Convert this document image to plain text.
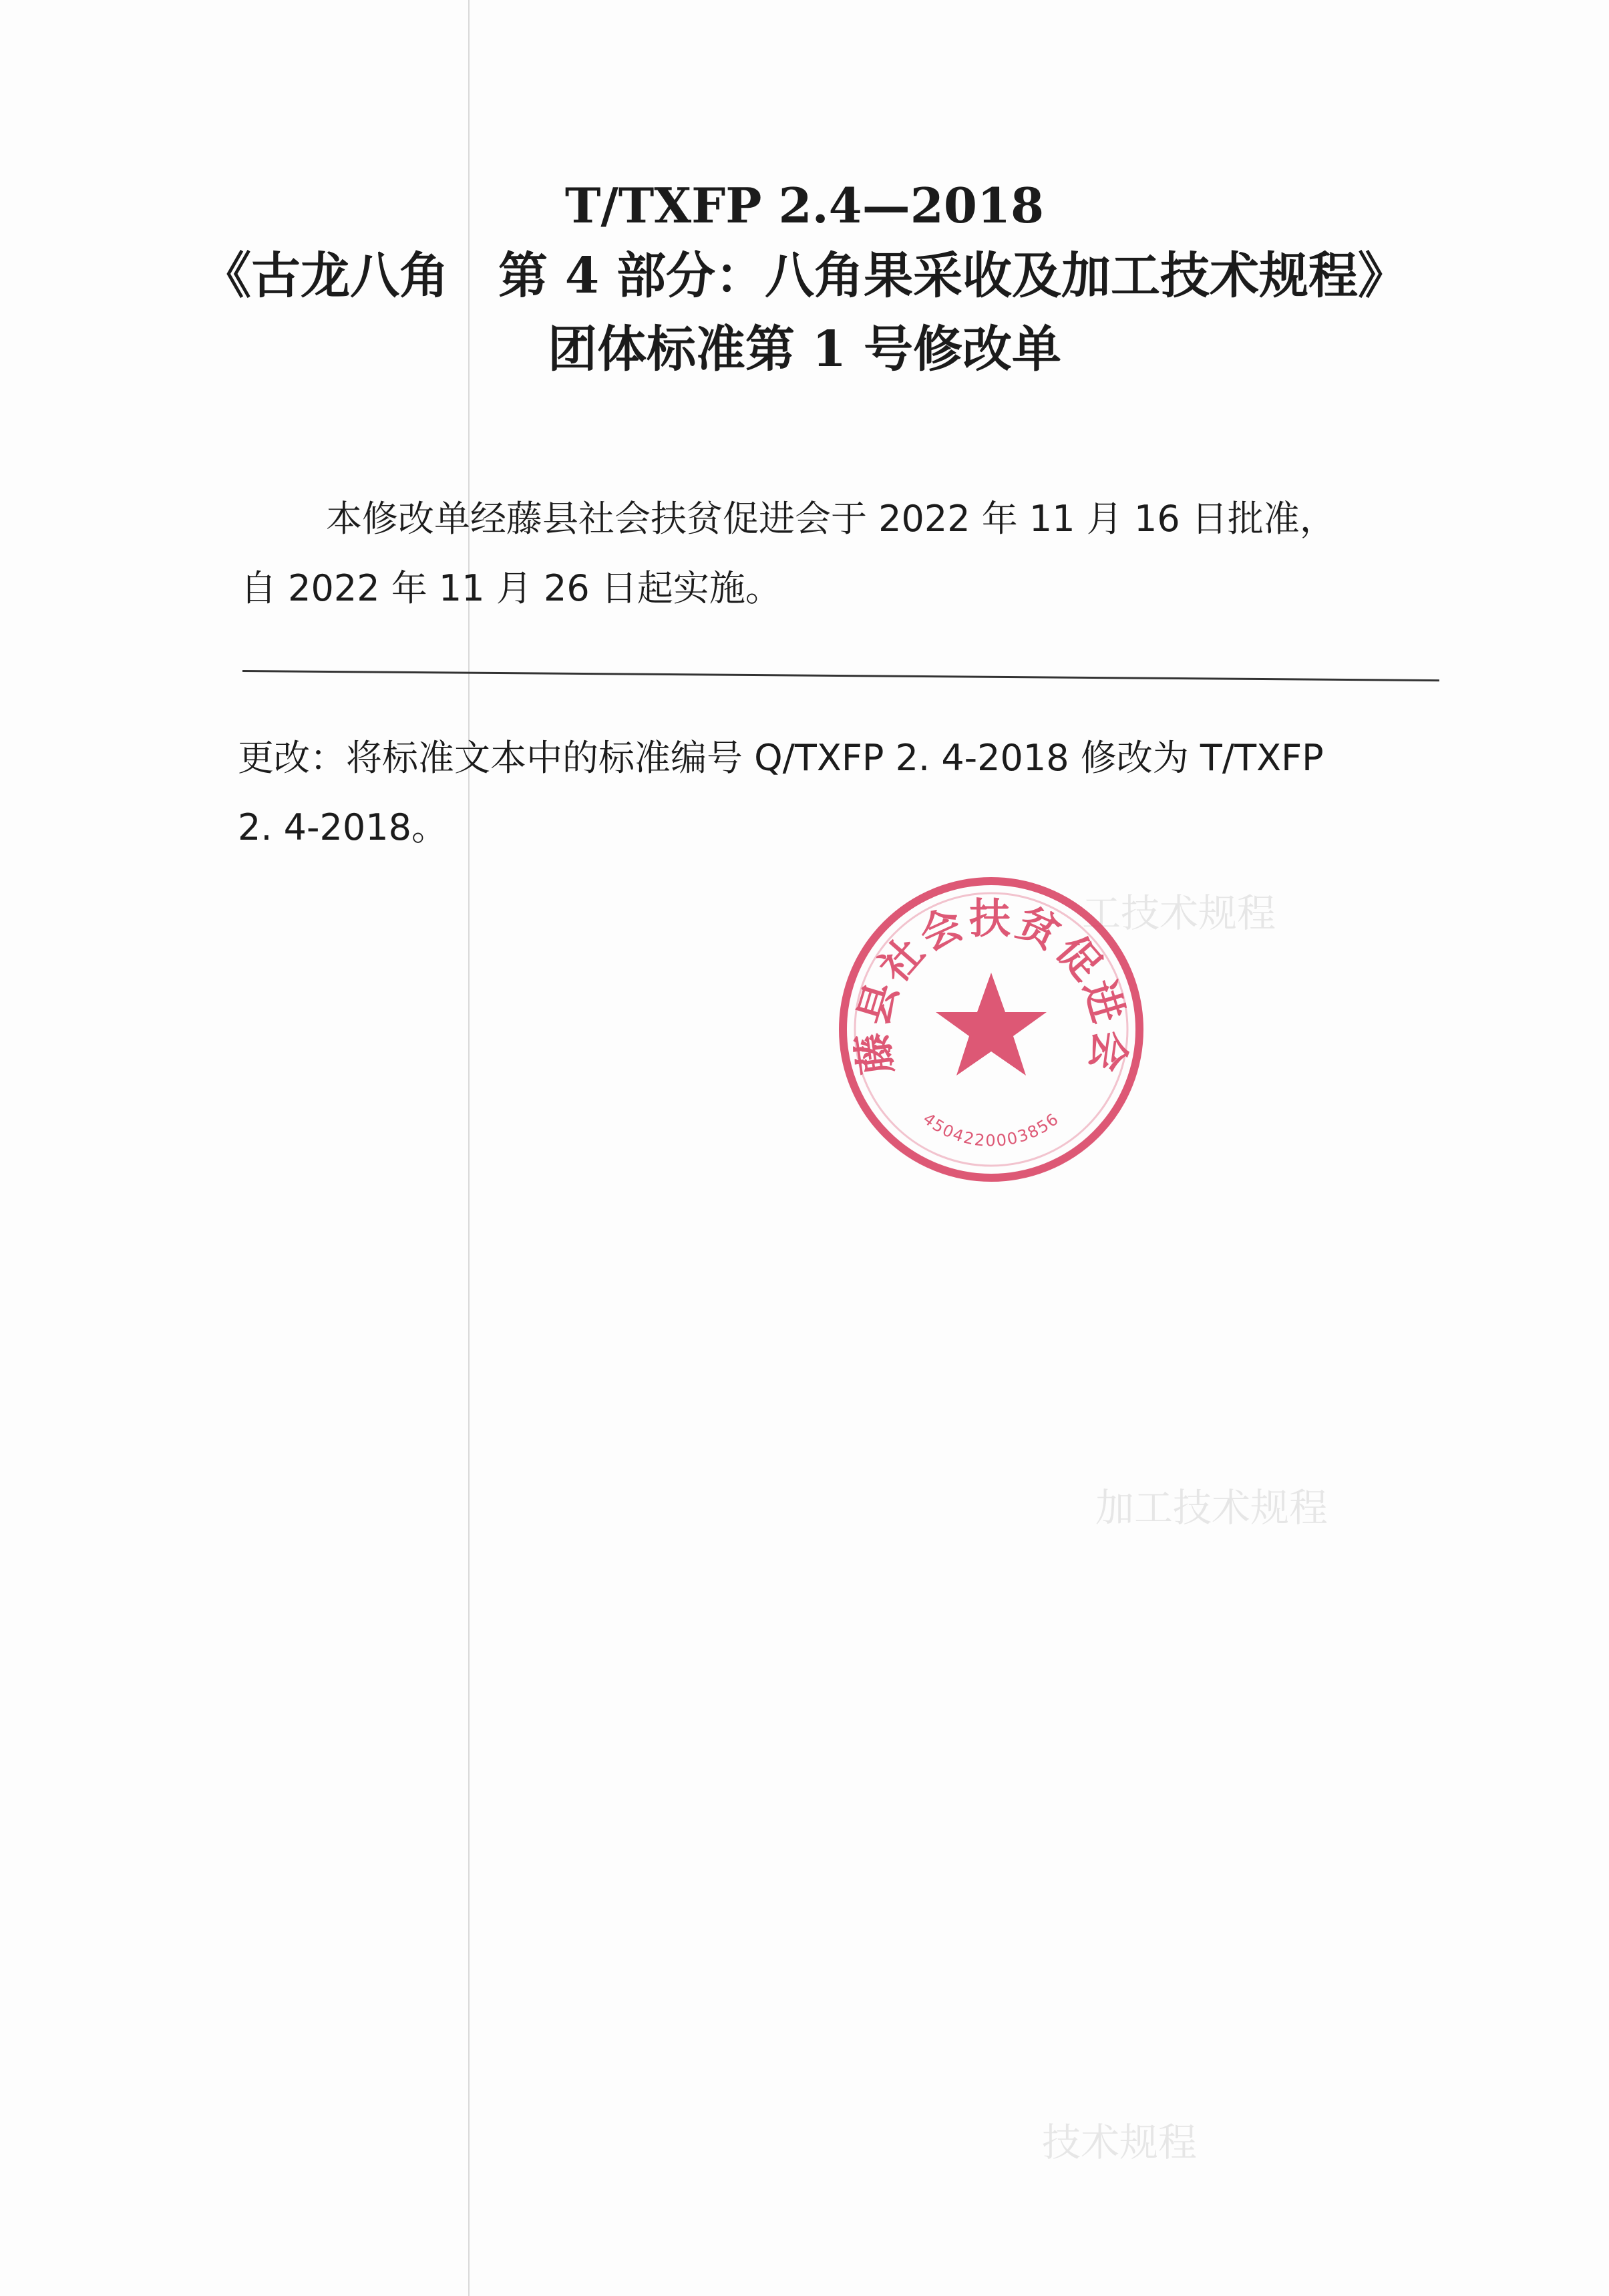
工技术规程
加工技术规程
技术规程
T/TXFP 2.4—2018
《古龙八角　第 4 部分：八角果采收及加工技术规程》
团体标准第 1 号修改单
本修改单经藤县社会扶贫促进会于 2022 年 11 月 16 日批准，
自 2022 年 11 月 26 日起实施。
更改：将标准文本中的标准编号 Q/TXFP 2. 4-2018 修改为 T/TXFP
2. 4-2018。
藤县社会扶贫促进会
4504220003856
